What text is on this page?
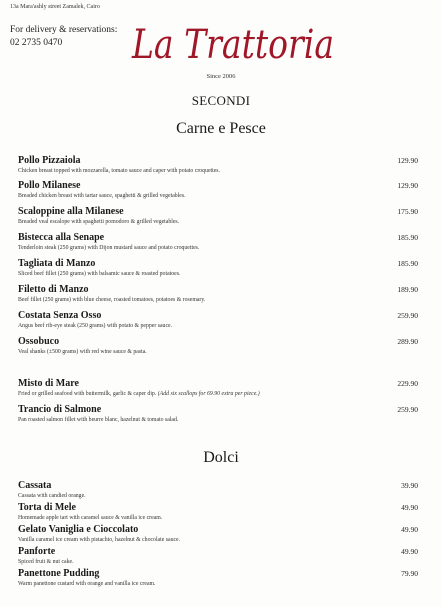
13a Mara'ashly street Zamalek, Cairo
For delivery & reservations:
02 2735 0470	La Trattoria
Since 2006
SECONDI
Carne e Pesce
Pollo Pizzaiola
Chicken breast topped with mozzarella, tomato sauce and caper with potato croquettes.
129.90
Pollo Milanese
Breaded chicken breast with tartar sauce, spaghetti & grilled vegetables.
129.90
Scaloppine alla Milanese
Breaded veal escalope with spaghetti pomodoro & grilled vegetables.
175.90
Bistecca alla Senape
Tenderloin steak (250 grams) with Dijon mustard sauce and potato croquettes.
185.90
Tagliata di Manzo
Sliced beef fillet (250 grams) with balsamic sauce & roasted potatoes.
185.90
Filetto di Manzo
Beef fillet (250 grams) with blue cheese, roasted tomatoes, potatoes & rosemary.
189.90
Costata Senza Osso
Angus beef rib-eye steak (250 grams) with potato & pepper sauce.
259.90
Ossobuco
Veal shanks (±500 grams) with red wine sauce & pasta.
289.90
Misto di Mare
Fried or grilled seafood with buttermilk, garlic & caper dip. (Add six scallops for 69.90 extra per piece.)
229.90
Trancio di Salmone
Pan roasted salmon fillet with beurre blanc, hazelnut & tomato salad.
259.90
Dolci
Cassata
Cassata with candied orange.
39.90
Torta di Mele
Homemade apple tart with caramel sauce & vanilla ice cream.
49.90
Gelato Vaniglia e Cioccolato
Vanilla caramel ice cream with pistachio, hazelnut & chocolate sauce.
49.90
Panforte
Spiced fruit & nut cake.
49.90
Panettone Pudding
Warm panettone custard with orange and vanilla ice cream.
79.90
